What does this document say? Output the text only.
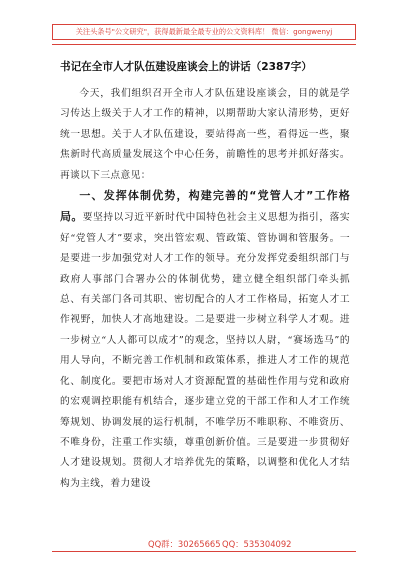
关注头条号"公文研究"，获得最新最全最专业的公文资料库！ 微信：gongwenyj
书记在全市人才队伍建设座谈会上的讲话（2387字）

今天，我们组织召开全市人才队伍建设座谈会，目的就是学习传达上级关于人才工作的精神，以期帮助大家认清形势，更好统一思想。关于人才队伍建设，要站得高一些，看得远一些，聚焦新时代高质量发展这个中心任务，前瞻性的思考并抓好落实。再谈以下三点意见：

一、发挥体制优势，构建完善的“党管人才”工作格局。要坚持以习近平新时代中国特色社会主义思想为指引，落实好“党管人才”要求，突出管宏观、管政策、管协调和管服务。一是要进一步加强党对人才工作的领导。充分发挥党委组织部门与政府人事部门合署办公的体制优势，建立健全组织部门牵头抓总、有关部门各司其职、密切配合的人才工作格局，拓宽人才工作视野，加快人才高地建设。二是要进一步树立科学人才观。进一步树立“人人都可以成才”的观念，坚持以人尉，“赛场选马”的用人导向，不断完善工作机制和政策体系，推进人才工作的规范化、制度化。要把市场对人才资源配置的基础性作用与党和政府的宏观调控职能有机结合，逐步建立党的干部工作和人才工作统筹规划、协调发展的运行机制，不唯学历不唯职称、不唯资历、不唯身份，注重工作实绩，尊重创新价值。三是要进一步贯彻好人才建设规划。贯彻人才培养优先的策略，以调整和优化人才结构为主线，着力建设

QQ群：30265665 QQ：535304092
